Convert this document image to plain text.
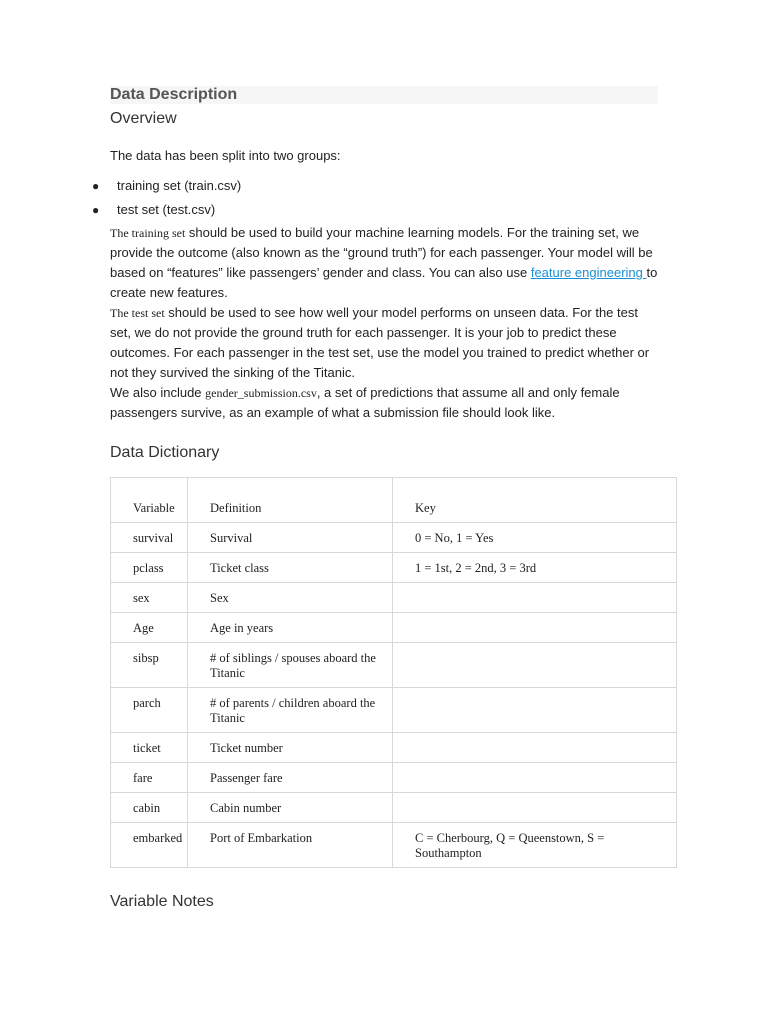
Data Description
Overview
The data has been split into two groups:
● training set (train.csv)
● test set (test.csv)
The training set should be used to build your machine learning models. For the training set, we provide the outcome (also known as the “ground truth”) for each passenger. Your model will be based on “features” like passengers’ gender and class. You can also use feature engineering to create new features.
The test set should be used to see how well your model performs on unseen data. For the test set, we do not provide the ground truth for each passenger. It is your job to predict these outcomes. For each passenger in the test set, use the model you trained to predict whether or not they survived the sinking of the Titanic.
We also include gender_submission.csv, a set of predictions that assume all and only female passengers survive, as an example of what a submission file should look like.
Data Dictionary
Variable	Definition	Key
survival	Survival	0 = No, 1 = Yes
pclass	Ticket class	1 = 1st, 2 = 2nd, 3 = 3rd
sex	Sex	
Age	Age in years	
sibsp	# of siblings / spouses aboard the Titanic	
parch	# of parents / children aboard the Titanic	
ticket	Ticket number	
fare	Passenger fare	
cabin	Cabin number	
embarked	Port of Embarkation	C = Cherbourg, Q = Queenstown, S = Southampton
Variable Notes
